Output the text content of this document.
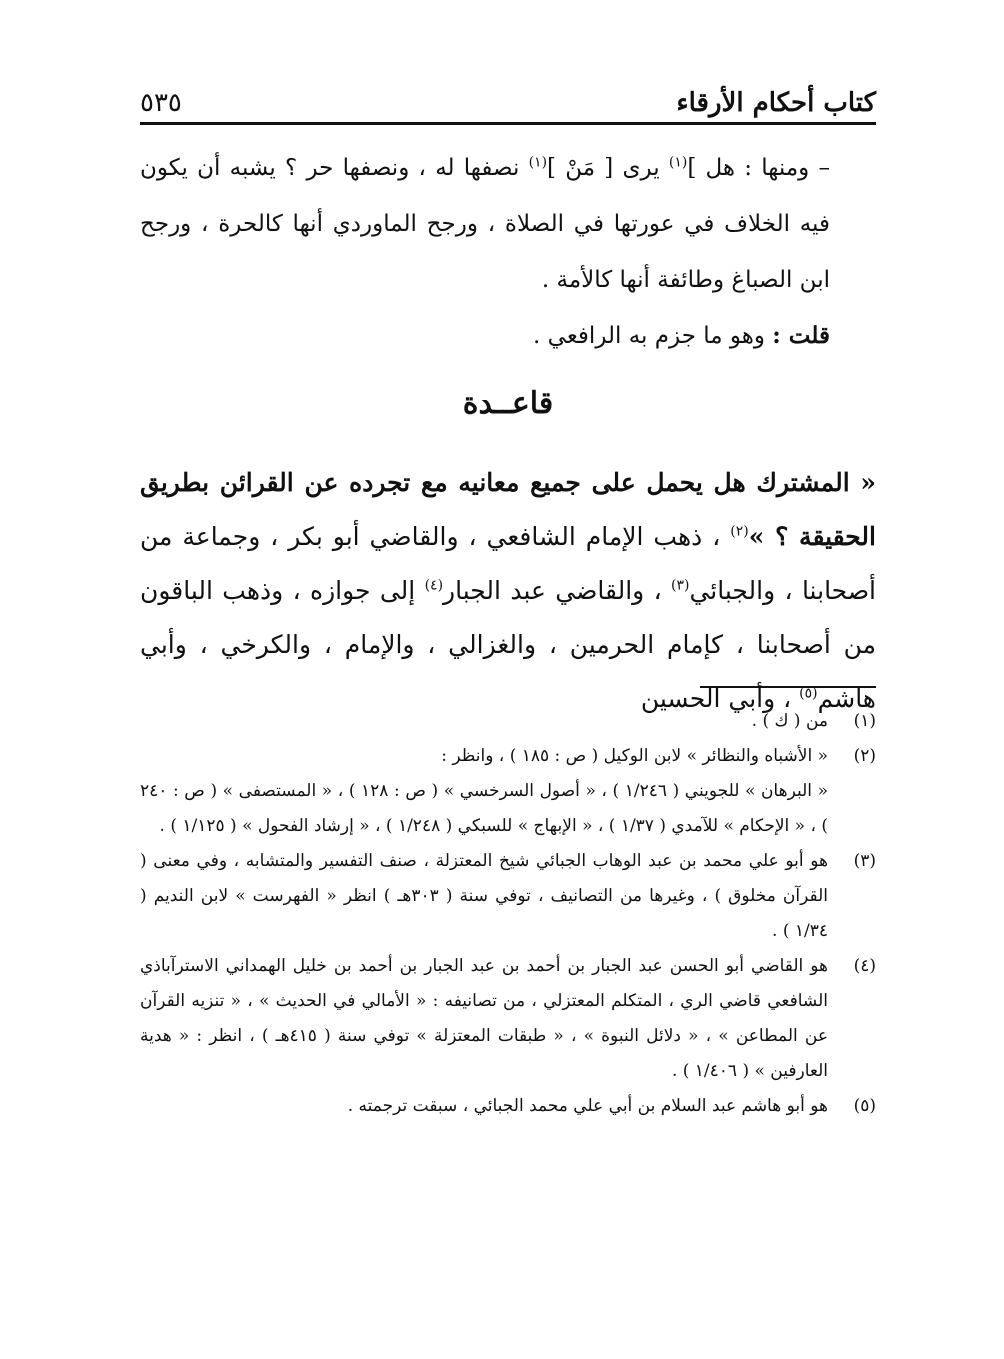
كتاب أحكام الأرقاء
٥٣٥

– ومنها : هل ]$^{(١)}$ يرى [ مَنْ ]$^{(١)}$ نصفها له ، ونصفها حر ؟ يشبه أن يكون فيه الخلاف في عورتها في الصلاة ، ورجح الماوردي أنها كالحرة ، ورجح ابن الصباغ وطائفة أنها كالأمة .

قلت : وهو ما جزم به الرافعي .

قاعــدة

« المشترك هل يحمل على جميع معانيه مع تجرده عن القرائن بطريق الحقيقة ؟ »$^{(٢)}$ ، ذهب الإمام الشافعي ، والقاضي أبو بكر ، وجماعة من أصحابنا ، والجبائي$^{(٣)}$ ، والقاضي عبد الجبار$^{(٤)}$ إلى جوازه ، وذهب الباقون من أصحابنا ، كإمام الحرمين ، والغزالي ، والإمام ، والكرخي ، وأبي هاشم$^{(٥)}$ ، وأبي الحسين

(١)
من ( ك ) .
(٢)
« الأشباه والنظائر » لابن الوكيل ( ص : ١٨٥ ) ، وانظر :
« البرهان » للجويني ( ١/٢٤٦ ) ، « أصول السرخسي » ( ص : ١٢٨ ) ، « المستصفى » ( ص : ٢٤٠ ) ، « الإحكام » للآمدي ( ١/٣٧ ) ، « الإبهاج » للسبكي ( ١/٢٤٨ ) ، « إرشاد الفحول » ( ١/١٢٥ ) .
(٣)
هو أبو علي محمد بن عبد الوهاب الجبائي شيخ المعتزلة ، صنف التفسير والمتشابه ، وفي معنى ( القرآن مخلوق ) ، وغيرها من التصانيف ، توفي سنة ( ٣٠٣هـ ) انظر « الفهرست » لابن النديم ( ١/٣٤ ) .
(٤)
هو القاضي أبو الحسن عبد الجبار بن أحمد بن عبد الجبار بن أحمد بن خليل الهمداني الاسترآباذي الشافعي قاضي الري ، المتكلم المعتزلي ، من تصانيفه : « الأمالي في الحديث » ، « تنزيه القرآن عن المطاعن » ، « دلائل النبوة » ، « طبقات المعتزلة » توفي سنة ( ٤١٥هـ ) ، انظر : « هدية العارفين » ( ١/٤٠٦ ) .
(٥)
هو أبو هاشم عبد السلام بن أبي علي محمد الجبائي ، سبقت ترجمته .
